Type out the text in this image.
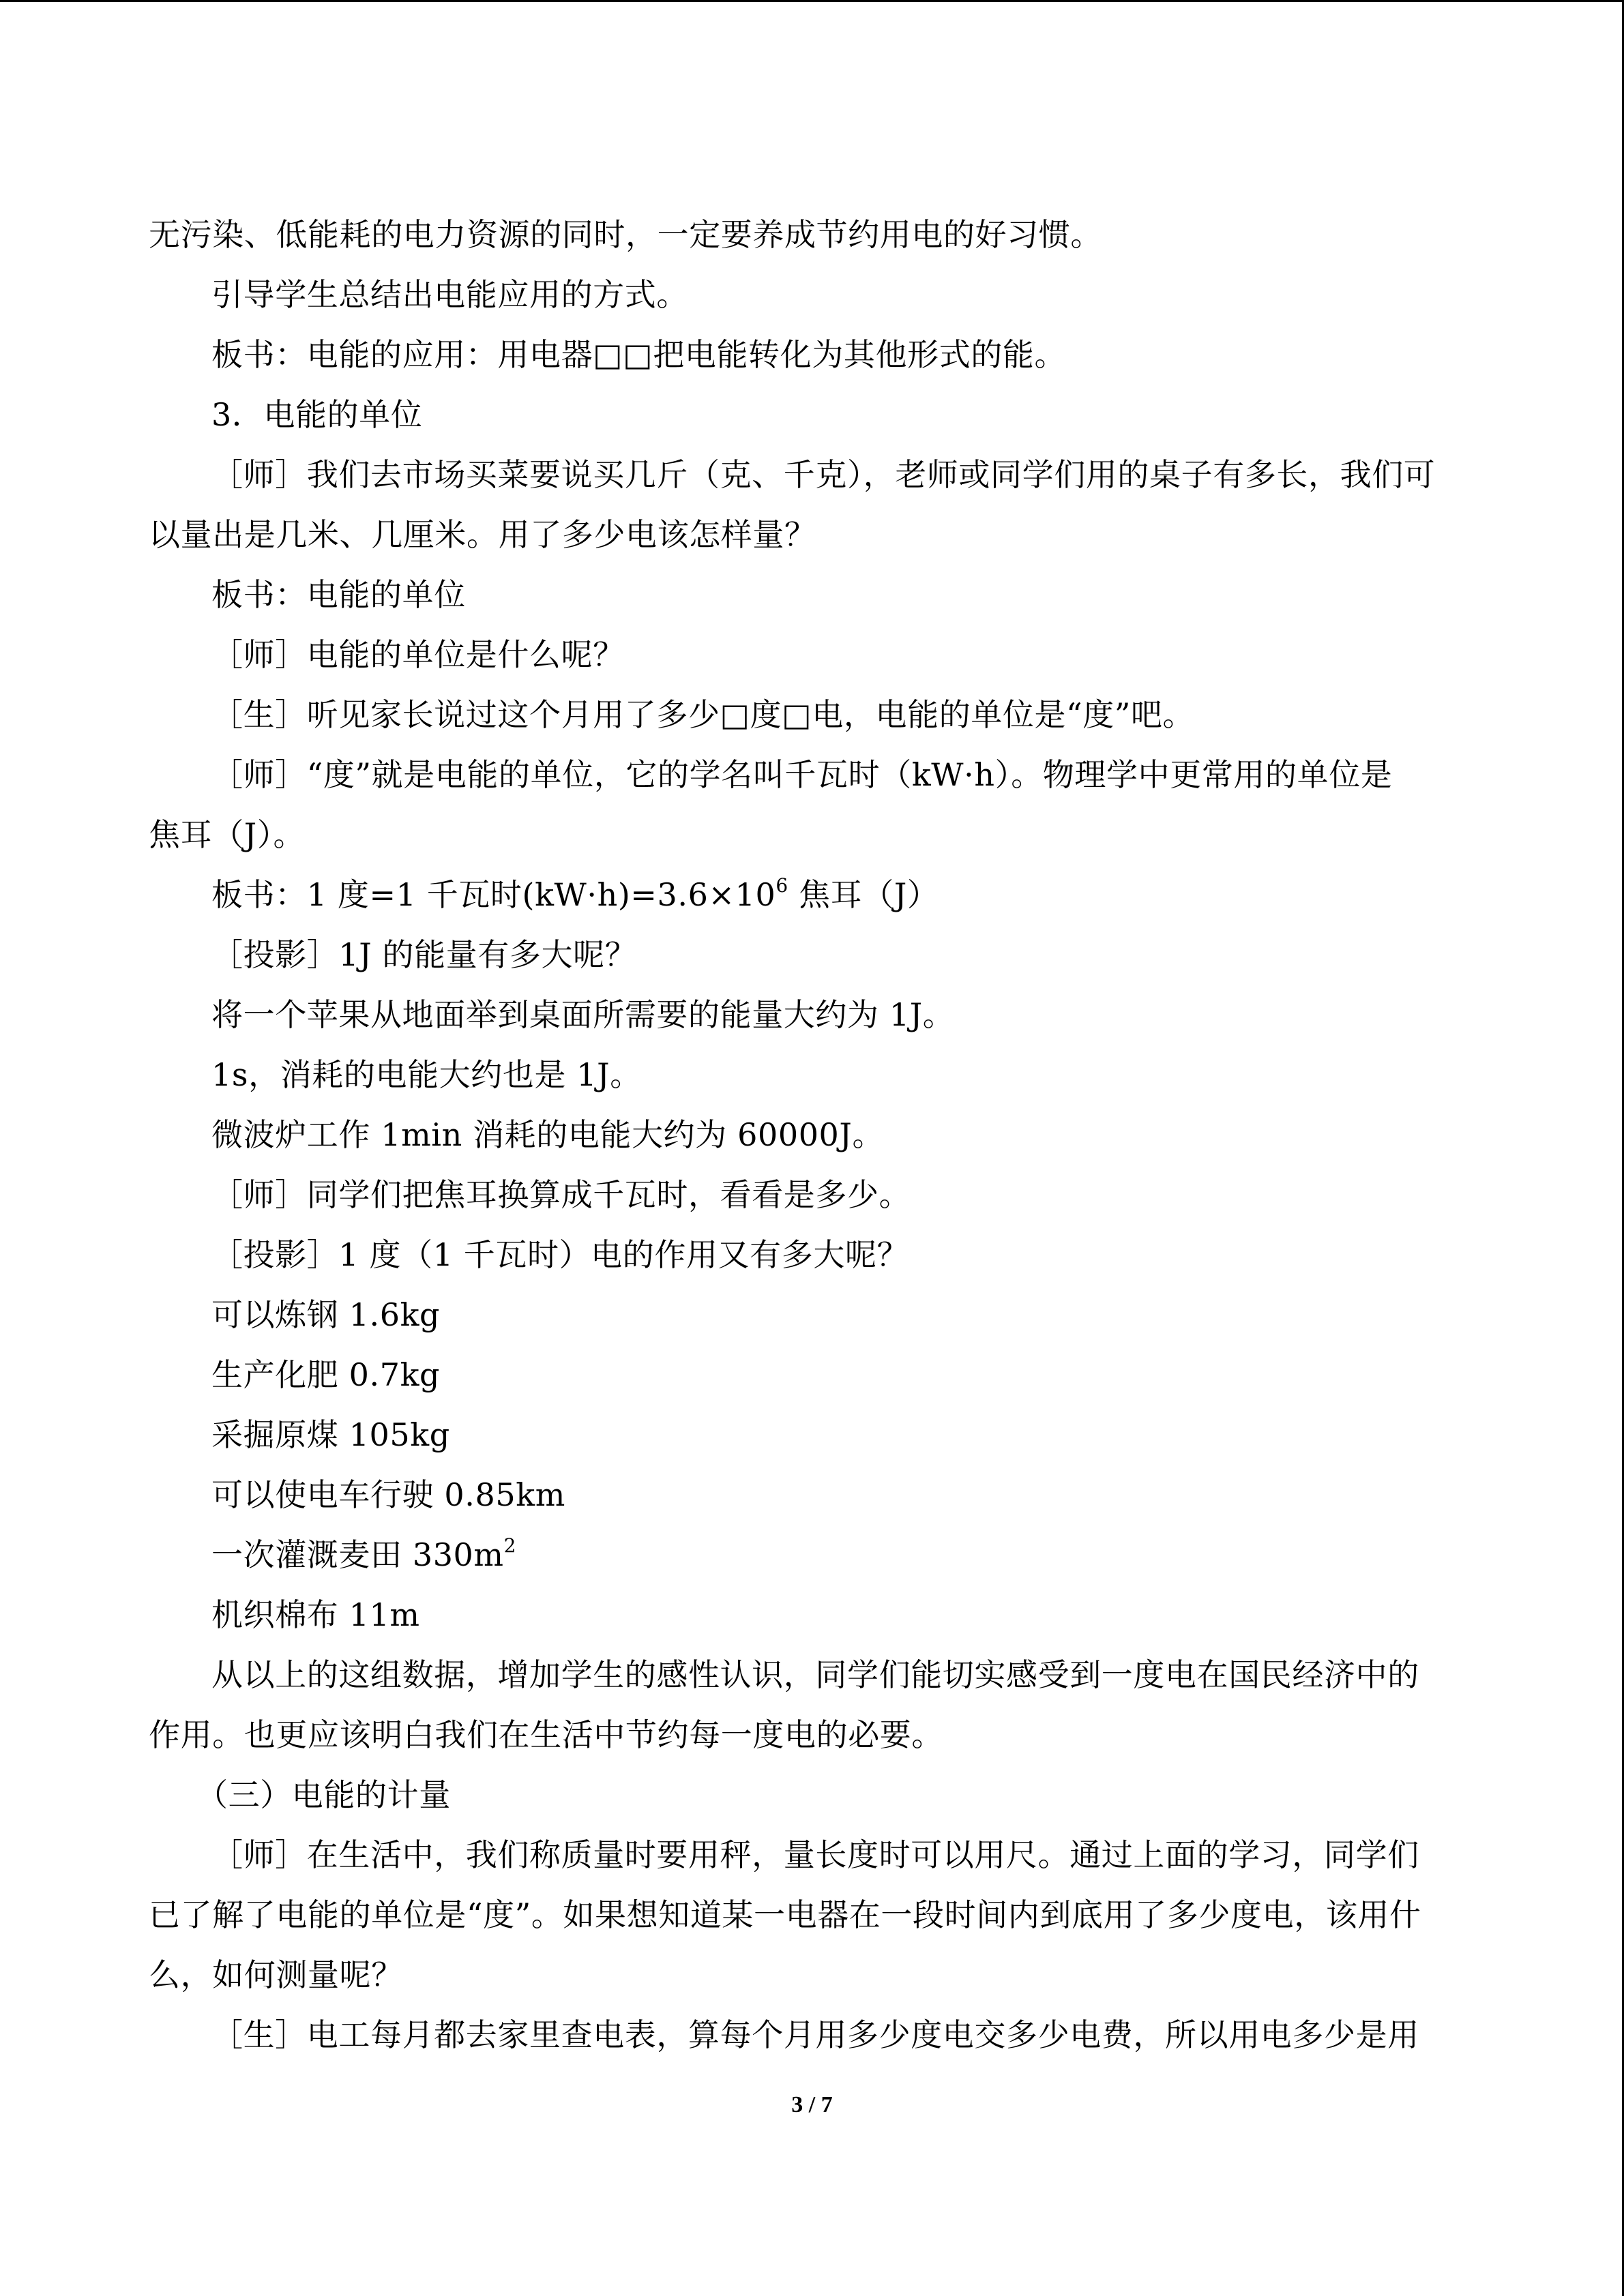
无污染、低能耗的电力资源的同时，一定要养成节约用电的好习惯。
引导学生总结出电能应用的方式。
板书：电能的应用：用电器□□把电能转化为其他形式的能。
3．电能的单位
［师］我们去市场买菜要说买几斤（克、千克），老师或同学们用的桌子有多长，我们可
以量出是几米、几厘米。用了多少电该怎样量？
板书：电能的单位
［师］电能的单位是什么呢？
［生］听见家长说过这个月用了多少□度□电，电能的单位是“度”吧。
［师］“度”就是电能的单位，它的学名叫千瓦时（kW·h）。物理学中更常用的单位是
焦耳（J）。
板书：1 度=1 千瓦时$(kW\cdot h)=3.6\times 10^6$ 焦耳（J）
［投影］1J 的能量有多大呢？
将一个苹果从地面举到桌面所需要的能量大约为 1J。
1s，消耗的电能大约也是 1J。
微波炉工作 1min 消耗的电能大约为 60000J。
［师］同学们把焦耳换算成千瓦时，看看是多少。
［投影］1 度（1 千瓦时）电的作用又有多大呢？
可以炼钢 1.6kg
生产化肥 0.7kg
采掘原煤 105kg
可以使电车行驶 0.85km
一次灌溉麦田 $330m^2$
机织棉布 11m
从以上的这组数据，增加学生的感性认识，同学们能切实感受到一度电在国民经济中的
作用。也更应该明白我们在生活中节约每一度电的必要。
（三）电能的计量
［师］在生活中，我们称质量时要用秤，量长度时可以用尺。通过上面的学习，同学们
已了解了电能的单位是“度”。如果想知道某一电器在一段时间内到底用了多少度电，该用什
么，如何测量呢？
［生］电工每月都去家里查电表，算每个月用多少度电交多少电费，所以用电多少是用
3 / 7
